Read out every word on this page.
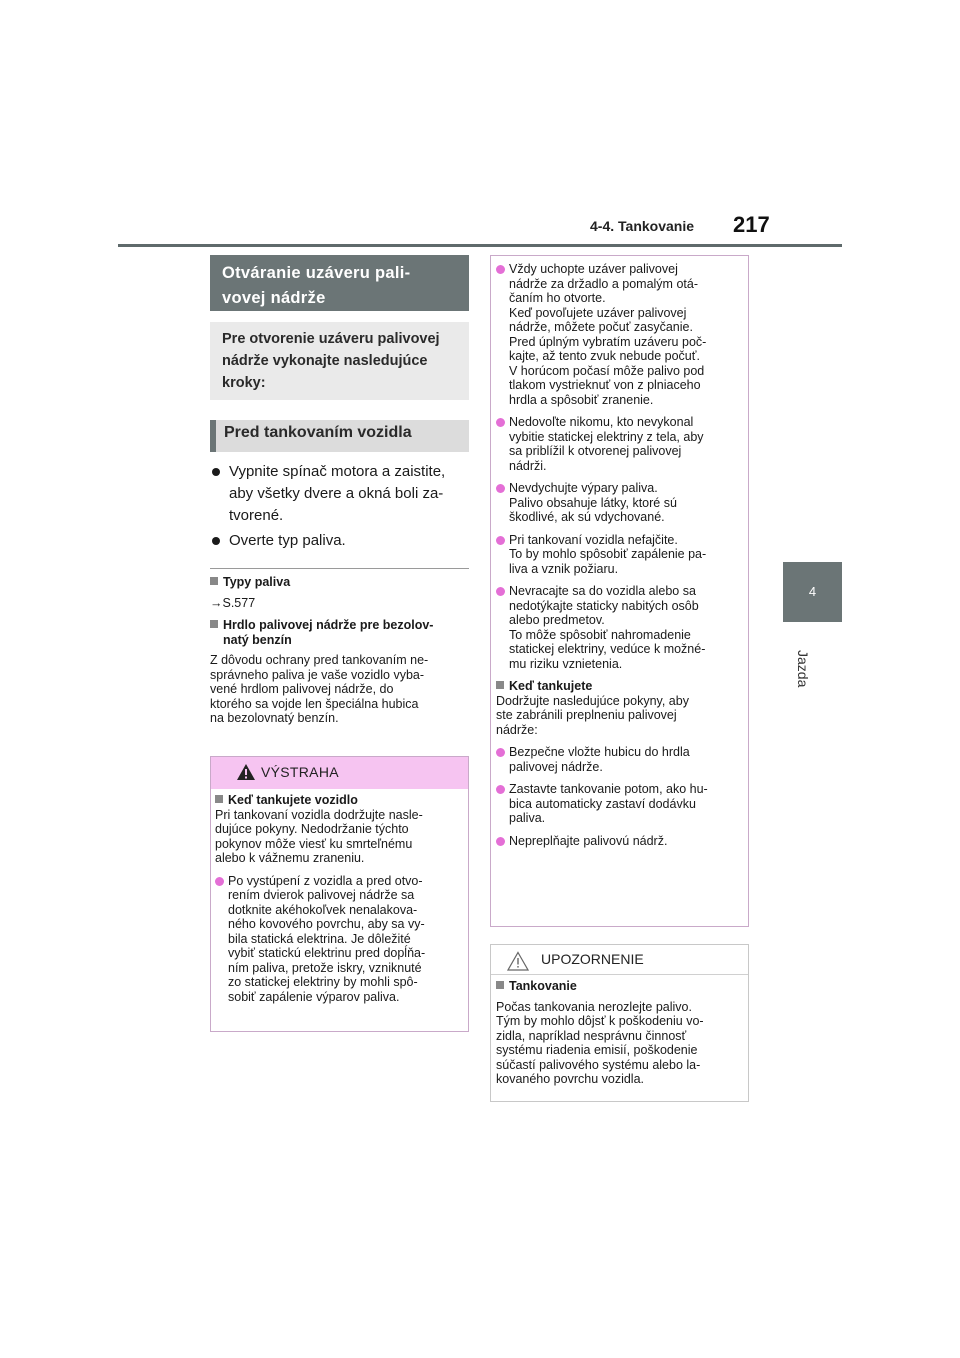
4-4. Tankovanie 217
4
Jazda
Otváranie uzáveru pali-
vovej nádrže
Pre otvorenie uzáveru palivovej
nádrže vykonajte nasledujúce
kroky:
Pred tankovaním vozidla
Vypnite spínač motora a zaistite,
aby všetky dvere a okná boli za-
tvorené.
Overte typ paliva.
Typy paliva
→S.577
Hrdlo palivovej nádrže pre bezolov-
natý benzín
Z dôvodu ochrany pred tankovaním ne-
správneho paliva je vaše vozidlo vyba-
vené hrdlom palivovej nádrže, do
ktorého sa vojde len špeciálna hubica
na bezolovnatý benzín.
VÝSTRAHA
Keď tankujete vozidlo
Pri tankovaní vozidla dodržujte nasle-
dujúce pokyny. Nedodržanie týchto
pokynov môže viesť ku smrteľnému
alebo k vážnemu zraneniu.
Po vystúpení z vozidla a pred otvo-
rením dvierok palivovej nádrže sa
dotknite akéhokoľvek nenalakova-
ného kovového povrchu, aby sa vy-
bila statická elektrina. Je dôležité
vybiť statickú elektrinu pred dopĺňa-
ním paliva, pretože iskry, vzniknuté
zo statickej elektriny by mohli spô-
sobiť zapálenie výparov paliva.
Vždy uchopte uzáver palivovej
nádrže za držadlo a pomalým otá-
čaním ho otvorte.
Keď povoľujete uzáver palivovej
nádrže, môžete počuť zasyčanie.
Pred úplným vybratím uzáveru poč-
kajte, až tento zvuk nebude počuť.
V horúcom počasí môže palivo pod
tlakom vystrieknuť von z plniaceho
hrdla a spôsobiť zranenie.
Nedovoľte nikomu, kto nevykonal
vybitie statickej elektriny z tela, aby
sa priblížil k otvorenej palivovej
nádrži.
Nevdychujte výpary paliva.
Palivo obsahuje látky, ktoré sú
škodlivé, ak sú vdychované.
Pri tankovaní vozidla nefajčite.
To by mohlo spôsobiť zapálenie pa-
liva a vznik požiaru.
Nevracajte sa do vozidla alebo sa
nedotýkajte staticky nabitých osôb
alebo predmetov.
To môže spôsobiť nahromadenie
statickej elektriny, vedúce k možné-
mu riziku vznietenia.
Keď tankujete
Dodržujte nasledujúce pokyny, aby
ste zabránili preplneniu palivovej
nádrže:
Bezpečne vložte hubicu do hrdla
palivovej nádrže.
Zastavte tankovanie potom, ako hu-
bica automaticky zastaví dodávku
paliva.
Nepreplňajte palivovú nádrž.
UPOZORNENIE
Tankovanie
Počas tankovania nerozlejte palivo.
Tým by mohlo dôjsť k poškodeniu vo-
zidla, napríklad nesprávnu činnosť
systému riadenia emisií, poškodenie
súčastí palivového systému alebo la-
kovaného povrchu vozidla.
